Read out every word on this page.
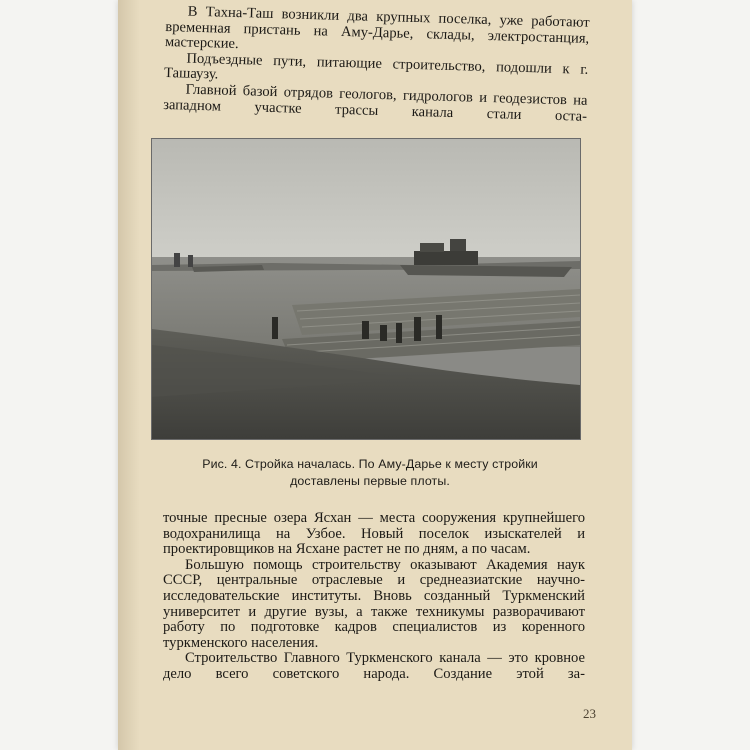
В Тахна-Таш возникли два крупных поселка, уже работают временная пристань на Аму-Дарье, склады, электростанция, мастерские.

Подъездные пути, питающие строительство, подошли к г. Ташаузу.

Главной базой отрядов геологов, гидрологов и геодезистов на западном участке трассы канала стали оста-

Рис. 4. Стройка началась. По Аму-Дарье к месту стройки
доставлены первые плоты.

точные пресные озера Ясхан — места сооружения крупнейшего водохранилища на Узбое. Новый поселок изыскателей и проектировщиков на Ясхане растет не по дням, а по часам.

Большую помощь строительству оказывают Академия наук СССР, центральные отраслевые и среднеазиатские научно-исследовательские институты. Вновь созданный Туркменский университет и другие вузы, а также техникумы разворачивают работу по подготовке кадров специалистов из коренного туркменского населения.

Строительство Главного Туркменского канала — это кровное дело всего советского народа. Создание этой за-

23
